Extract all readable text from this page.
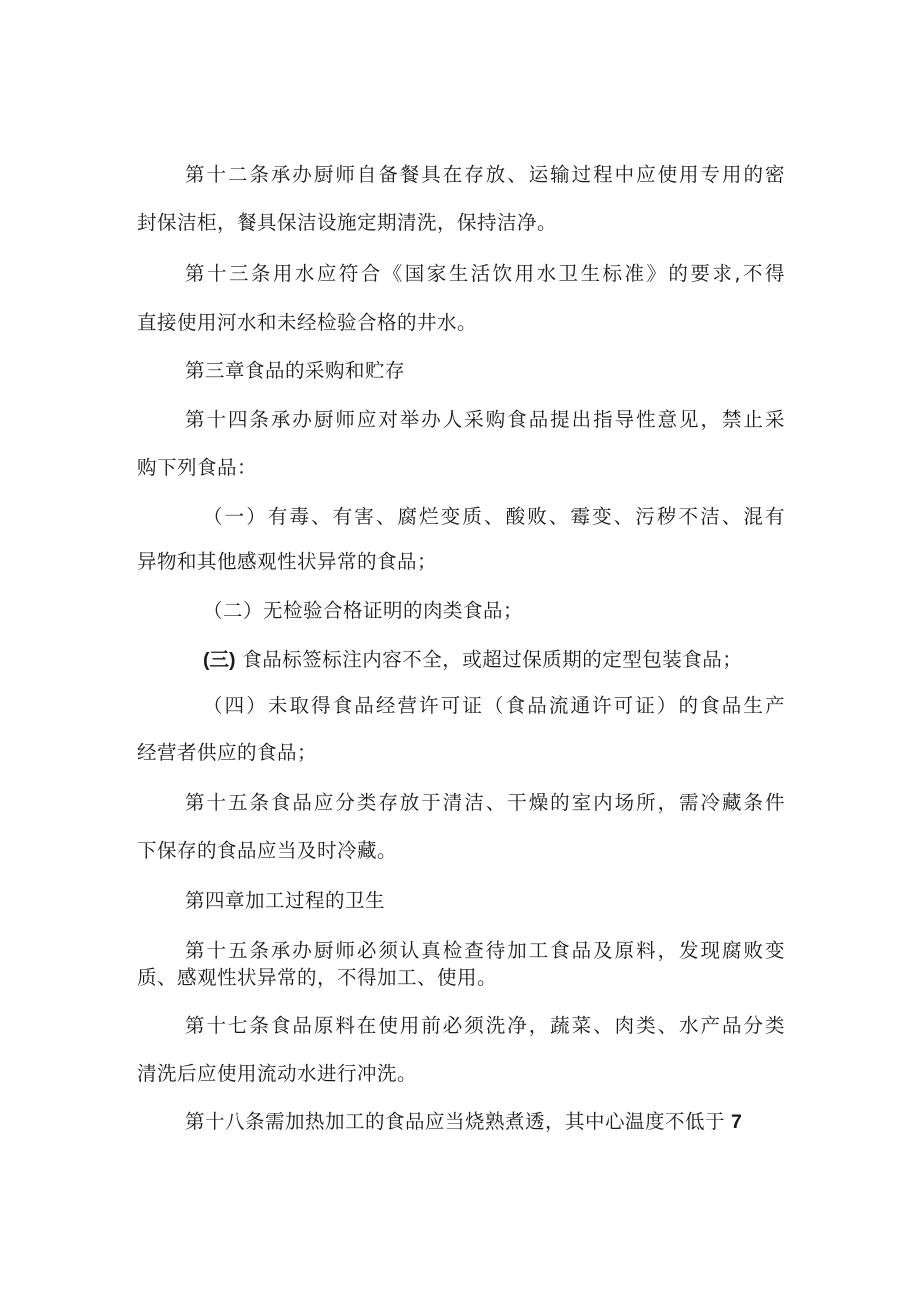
第十二条承办厨师自备餐具在存放、运输过程中应使用专用的密
封保洁柜，餐具保洁设施定期清洗，保持洁净。
第十三条用水应符合《国家生活饮用水卫生标准》的要求,不得
直接使用河水和未经检验合格的井水。
第三章食品的采购和贮存
第十四条承办厨师应对举办人采购食品提出指导性意见，禁止采
购下列食品：
（一）有毒、有害、腐烂变质、酸败、霉变、污秽不洁、混有
异物和其他感观性状异常的食品；
（二）无检验合格证明的肉类食品；
(三) 食品标签标注内容不全，或超过保质期的定型包装食品；
（四）未取得食品经营许可证（食品流通许可证）的食品生产
经营者供应的食品；
第十五条食品应分类存放于清洁、干燥的室内场所，需冷藏条件
下保存的食品应当及时冷藏。
第四章加工过程的卫生
第十五条承办厨师必须认真检查待加工食品及原料，发现腐败变
质、感观性状异常的，不得加工、使用。
第十七条食品原料在使用前必须洗净，蔬菜、肉类、水产品分类
清洗后应使用流动水进行冲洗。
第十八条需加热加工的食品应当烧熟煮透，其中心温度不低于 7
